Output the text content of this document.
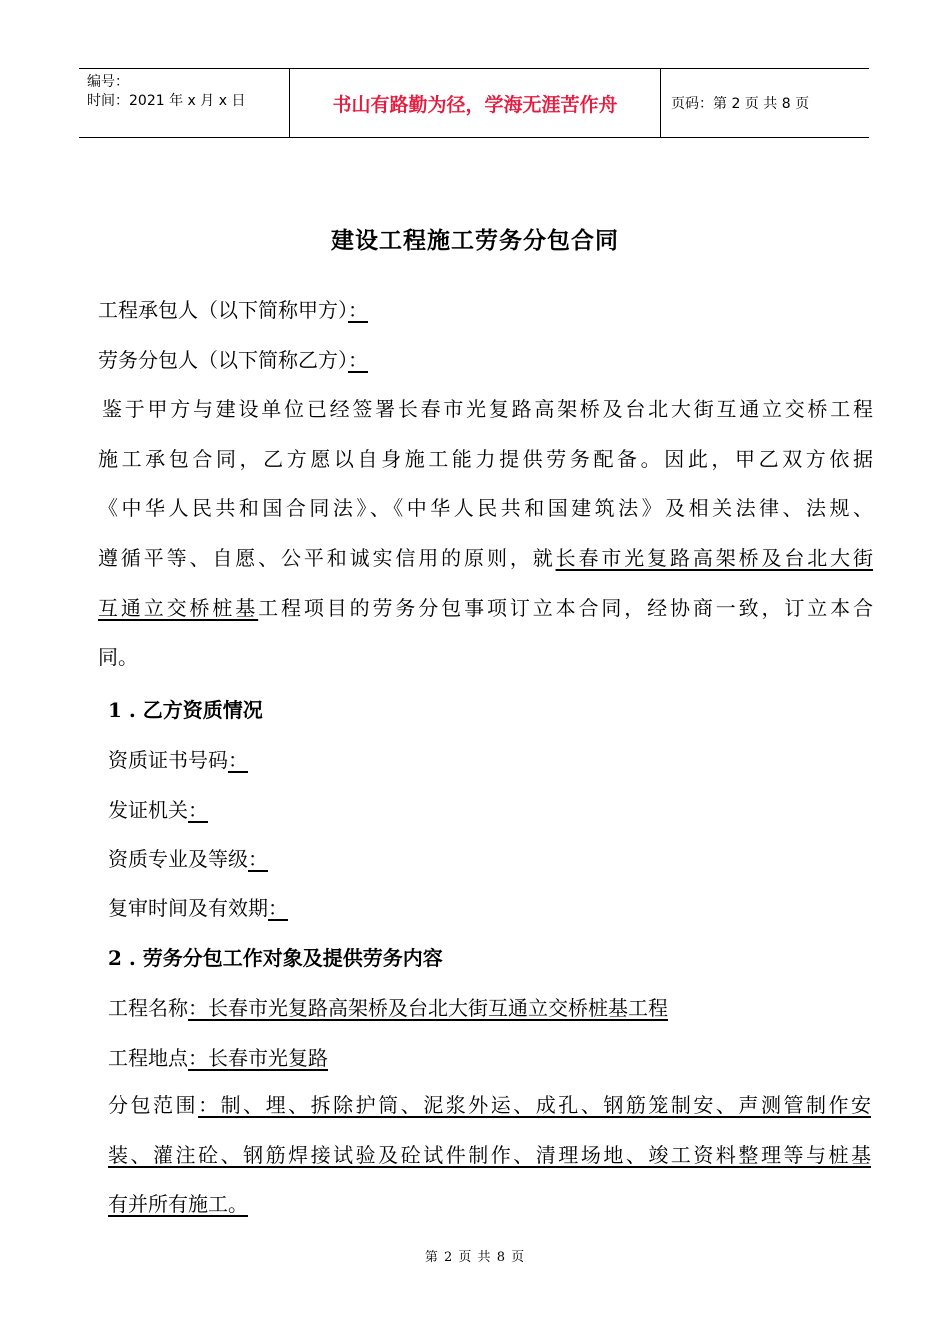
编号：
时间：2021 年 x 月 x 日	书山有路勤为径，学海无涯苦作舟	页码：第 2 页 共 8 页
建设工程施工劳务分包合同
工程承包人（以下简称甲方）：
劳务分包人（以下简称乙方）：
鉴于甲方与建设单位已经签署长春市光复路高架桥及台北大街互通立交桥工程
施工承包合同，乙方愿以自身施工能力提供劳务配备。因此，甲乙双方依据
《中华人民共和国合同法》、《中华人民共和国建筑法》及相关法律、法规、
遵循平等、自愿、公平和诚实信用的原则，就长春市光复路高架桥及台北大街
互通立交桥桩基工程项目的劳务分包事项订立本合同，经协商一致，订立本合
同。
1 . 乙方资质情况
资质证书号码：
发证机关：
资质专业及等级：
复审时间及有效期：
2 . 劳务分包工作对象及提供劳务内容
工程名称：长春市光复路高架桥及台北大街互通立交桥桩基工程
工程地点：长春市光复路
分包范围：制、埋、拆除护筒、泥浆外运、成孔、钢筋笼制安、声测管制作安
装、灌注砼、钢筋焊接试验及砼试件制作、清理场地、竣工资料整理等与桩基
有并所有施工。
第 2 页 共 8 页
